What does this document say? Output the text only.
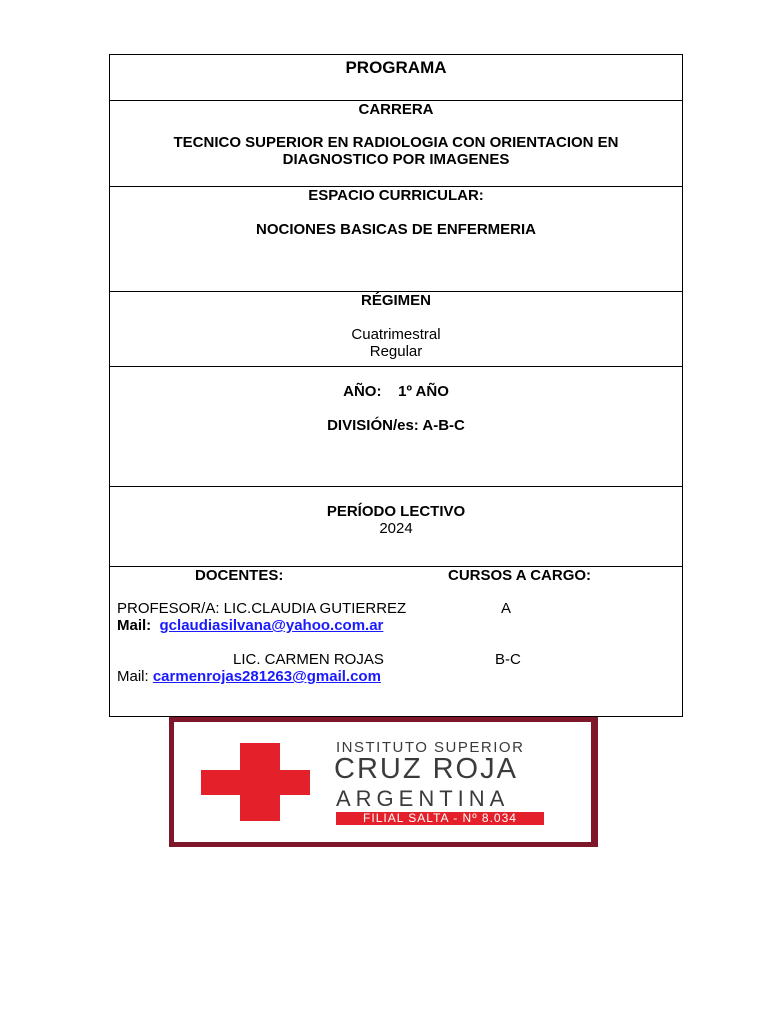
PROGRAMA
CARRERA
TECNICO SUPERIOR EN RADIOLOGIA CON ORIENTACION EN
DIAGNOSTICO POR IMAGENES
ESPACIO CURRICULAR:
NOCIONES BASICAS DE ENFERMERIA
RÉGIMEN
Cuatrimestral
Regular
AÑO: 1º AÑO
DIVISIÓN/es: A-B-C
PERÍODO LECTIVO
2024
DOCENTES:	CURSOS A CARGO:
PROFESOR/A: LIC.CLAUDIA GUTIERREZ	A
Mail: gclaudiasilvana@yahoo.com.ar
LIC. CARMEN ROJAS	B-C
Mail: carmenrojas281263@gmail.com
INSTITUTO SUPERIOR
CRUZ ROJA
ARGENTINA
FILIAL SALTA - Nº 8.034
